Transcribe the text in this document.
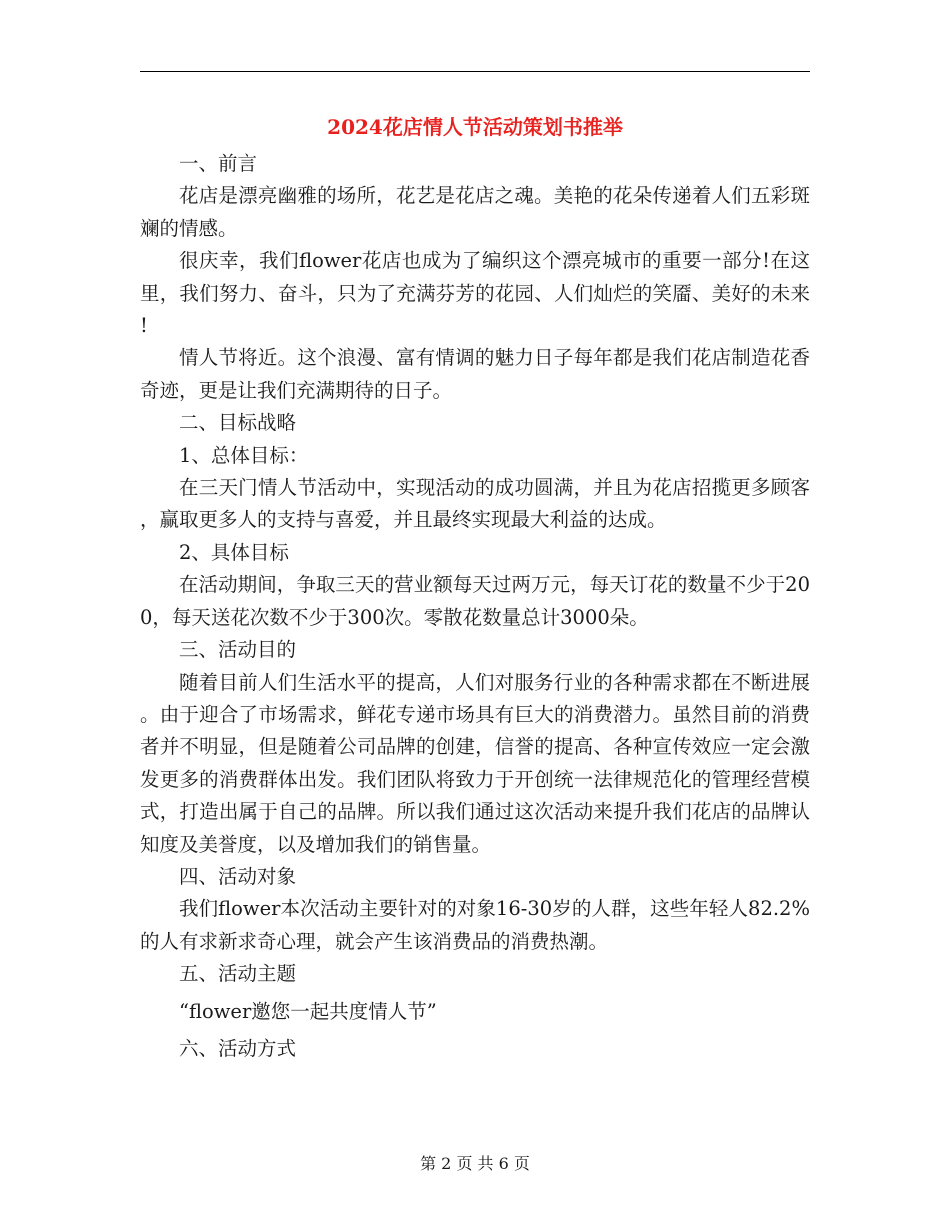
2024花店情人节活动策划书推举

一、前言

花店是漂亮幽雅的场所，花艺是花店之魂。美艳的花朵传递着人们五彩斑斓的情感。

很庆幸，我们flower花店也成为了编织这个漂亮城市的重要一部分!在这里，我们努力、奋斗，只为了充满芬芳的花园、人们灿烂的笑靥、美好的未来!

情人节将近。这个浪漫、富有情调的魅力日子每年都是我们花店制造花香奇迹，更是让我们充满期待的日子。

二、目标战略

1、总体目标：

在三天门情人节活动中，实现活动的成功圆满，并且为花店招揽更多顾客，赢取更多人的支持与喜爱，并且最终实现最大利益的达成。

2、具体目标

在活动期间，争取三天的营业额每天过两万元，每天订花的数量不少于200，每天送花次数不少于300次。零散花数量总计3000朵。

三、活动目的

随着目前人们生活水平的提高，人们对服务行业的各种需求都在不断进展。由于迎合了市场需求，鲜花专递市场具有巨大的消费潜力。虽然目前的消费者并不明显，但是随着公司品牌的创建，信誉的提高、各种宣传效应一定会激发更多的消费群体出发。我们团队将致力于开创统一法律规范化的管理经营模式，打造出属于自己的品牌。所以我们通过这次活动来提升我们花店的品牌认知度及美誉度，以及增加我们的销售量。

四、活动对象

我们flower本次活动主要针对的对象16-30岁的人群，这些年轻人82.2%的人有求新求奇心理，就会产生该消费品的消费热潮。

五、活动主题

“flower邀您一起共度情人节”

六、活动方式

第 2 页 共 6 页
